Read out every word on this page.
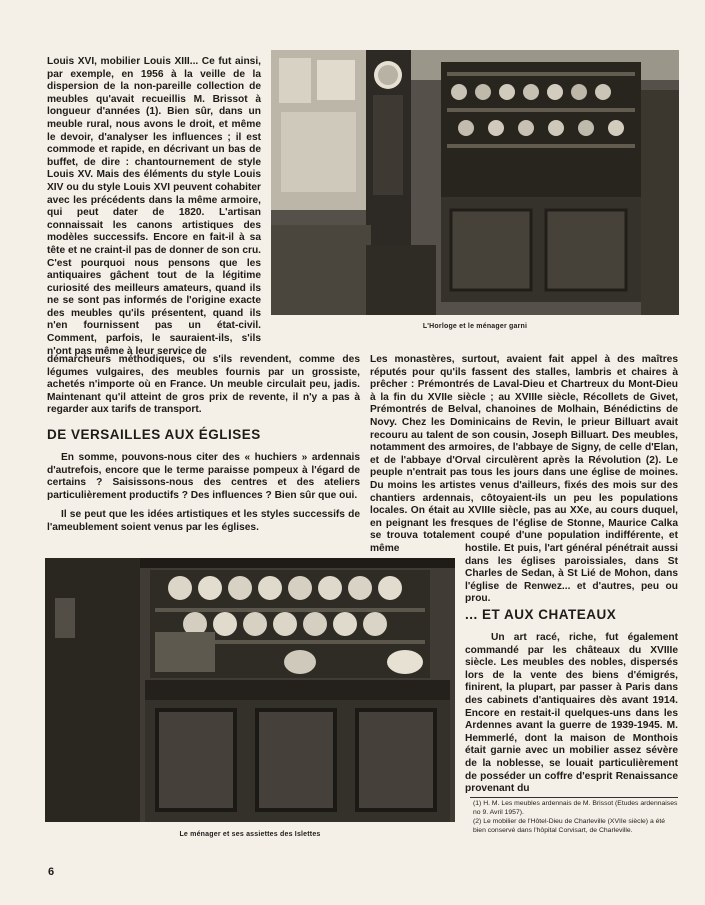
Louis XVI, mobilier Louis XIII... Ce fut ainsi, par exemple, en 1956 à la veille de la dispersion de la non-pareille collection de meubles qu'avait recueillis M. Brissot à longueur d'années (1). Bien sûr, dans un meuble rural, nous avons le droit, et même le devoir, d'analyser les influences ; il est commode et rapide, en décrivant un bas de buffet, de dire : chantournement de style Louis XV. Mais des éléments du style Louis XIV ou du style Louis XVI peuvent cohabiter avec les précédents dans la même armoire, qui peut dater de 1820. L'artisan connaissait les canons artistiques des modèles successifs. Encore en fait-il à sa tête et ne craint-il pas de donner de son cru. C'est pourquoi nous pensons que les antiquaires gâchent tout de la légitime curiosité des meilleurs amateurs, quand ils ne se sont pas informés de l'origine exacte des meubles qu'ils présentent, quand ils n'en fournissent pas un état-civil. Comment, parfois, le sauraient-ils, s'ils n'ont pas même à leur service de

L'Horloge et le ménager garni

démarcheurs méthodiques, ou s'ils revendent, comme des légumes vulgaires, des meubles fournis par un grossiste, achetés n'importe où en France. Un meuble circulait peu, jadis. Maintenant qu'il atteint de gros prix de revente, il n'y a pas à regarder aux tarifs de transport.

DE VERSAILLES AUX ÉGLISES

En somme, pouvons-nous citer des « huchiers » ardennais d'autrefois, encore que le terme paraisse pompeux à l'égard de certains ? Saisissons-nous des centres et des ateliers particulièrement productifs ? Des influences ? Bien sûr que oui.

Il se peut que les idées artistiques et les styles successifs de l'ameublement soient venus par les églises.

Les monastères, surtout, avaient fait appel à des maîtres réputés pour qu'ils fassent des stalles, lambris et chaires à prêcher : Prémontrés de Laval-Dieu et Chartreux du Mont-Dieu à la fin du XVIIe siècle ; au XVIIIe siècle, Récollets de Givet, Prémontrés de Belval, chanoines de Molhain, Bénédictins de Novy. Chez les Dominicains de Revin, le prieur Billuart avait recouru au talent de son cousin, Joseph Billuart. Des meubles, notamment des armoires, de l'abbaye de Signy, de celle d'Elan, et de l'abbaye d'Orval circulèrent après la Révolution (2). Le peuple n'entrait pas tous les jours dans une église de moines. Du moins les artistes venus d'ailleurs, fixés des mois sur des chantiers ardennais, côtoyaient-ils un peu les populations locales. On était au XVIIIe siècle, pas au XXe, au cours duquel, en peignant les fresques de l'église de Stonne, Maurice Calka se trouva totalement coupé d'une population indifférente, et même

Le ménager et ses assiettes des Islettes

hostile. Et puis, l'art général pénétrait aussi dans les églises paroissiales, dans St Charles de Sedan, à St Lié de Mohon, dans l'église de Renwez... et d'autres, peu ou prou.

... ET AUX CHATEAUX

Un art racé, riche, fut également commandé par les châteaux du XVIIIe siècle. Les meubles des nobles, dispersés lors de la vente des biens d'émigrés, finirent, la plupart, par passer à Paris dans des cabinets d'antiquaires dès avant 1914. Encore en restait-il quelques-uns dans les Ardennes avant la guerre de 1939-1945. M. Hemmerlé, dont la maison de Monthois était garnie avec un mobilier assez sévère de la noblesse, se louait particulièrement de posséder un coffre d'esprit Renaissance provenant du

(1) H. M. Les meubles ardennais de M. Brissot (Etudes ardennaises no 9. Avril 1957).

(2) Le mobilier de l'Hôtel-Dieu de Charleville (XVIIe siècle) a été bien conservé dans l'hôpital Corvisart, de Charleville.

6
